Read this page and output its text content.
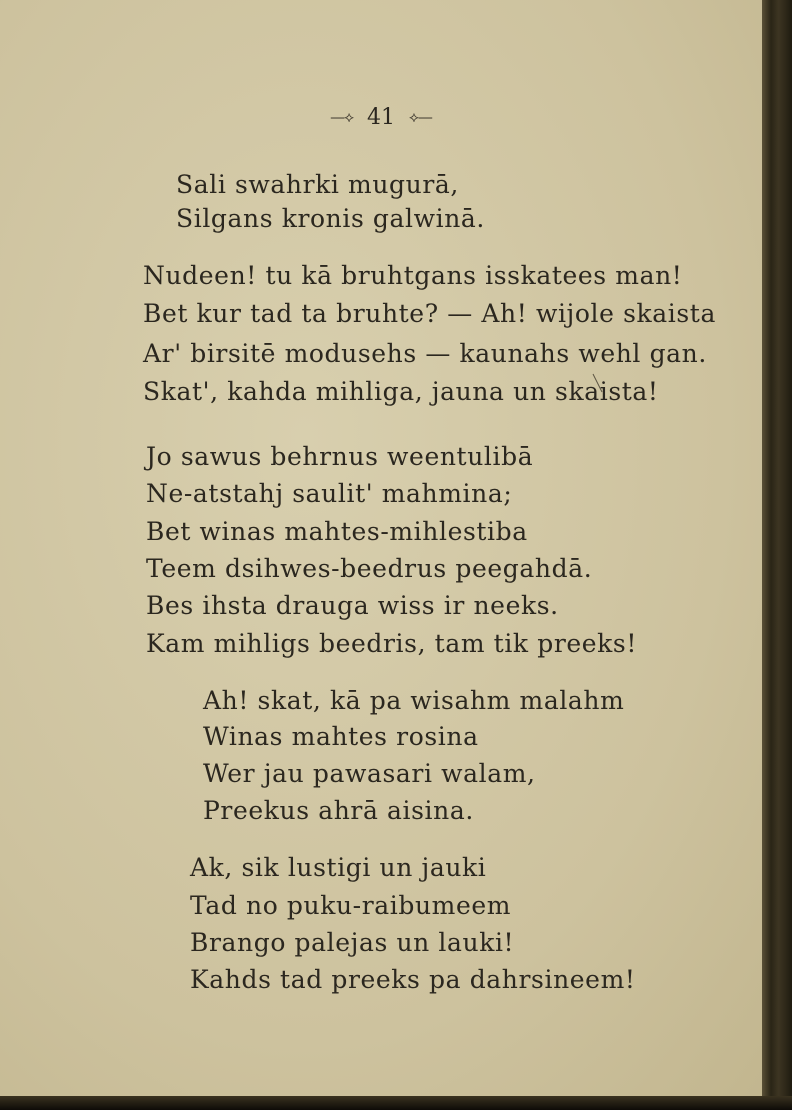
—⟡ 41 ⟡—
Sali swahrki mugurā,
Silgans kronis galwinā.
Nudeen! tu kā bruhtgans isskatees man!
Bet kur tad ta bruhte? — Ah! wijole skaista
Ar' birsitē modusehs — kaunahs wehl gan.
Skat', kahda mihliga, jauna un skaista!
Jo sawus behrnus weentulibā
Ne-atstahj saulit' mahmina;
Bet winas mahtes-mihlestiba
Teem dsihwes-beedrus peegahdā.
Bes ihsta drauga wiss ir neeks.
Kam mihligs beedris, tam tik preeks!
Ah! skat, kā pa wisahm malahm
Winas mahtes rosina
Wer jau pawasari walam,
Preekus ahrā aisina.
Ak, sik lustigi un jauki
Tad no puku-raibumeem
Brango palejas un lauki!
Kahds tad preeks pa dahrsineem!
